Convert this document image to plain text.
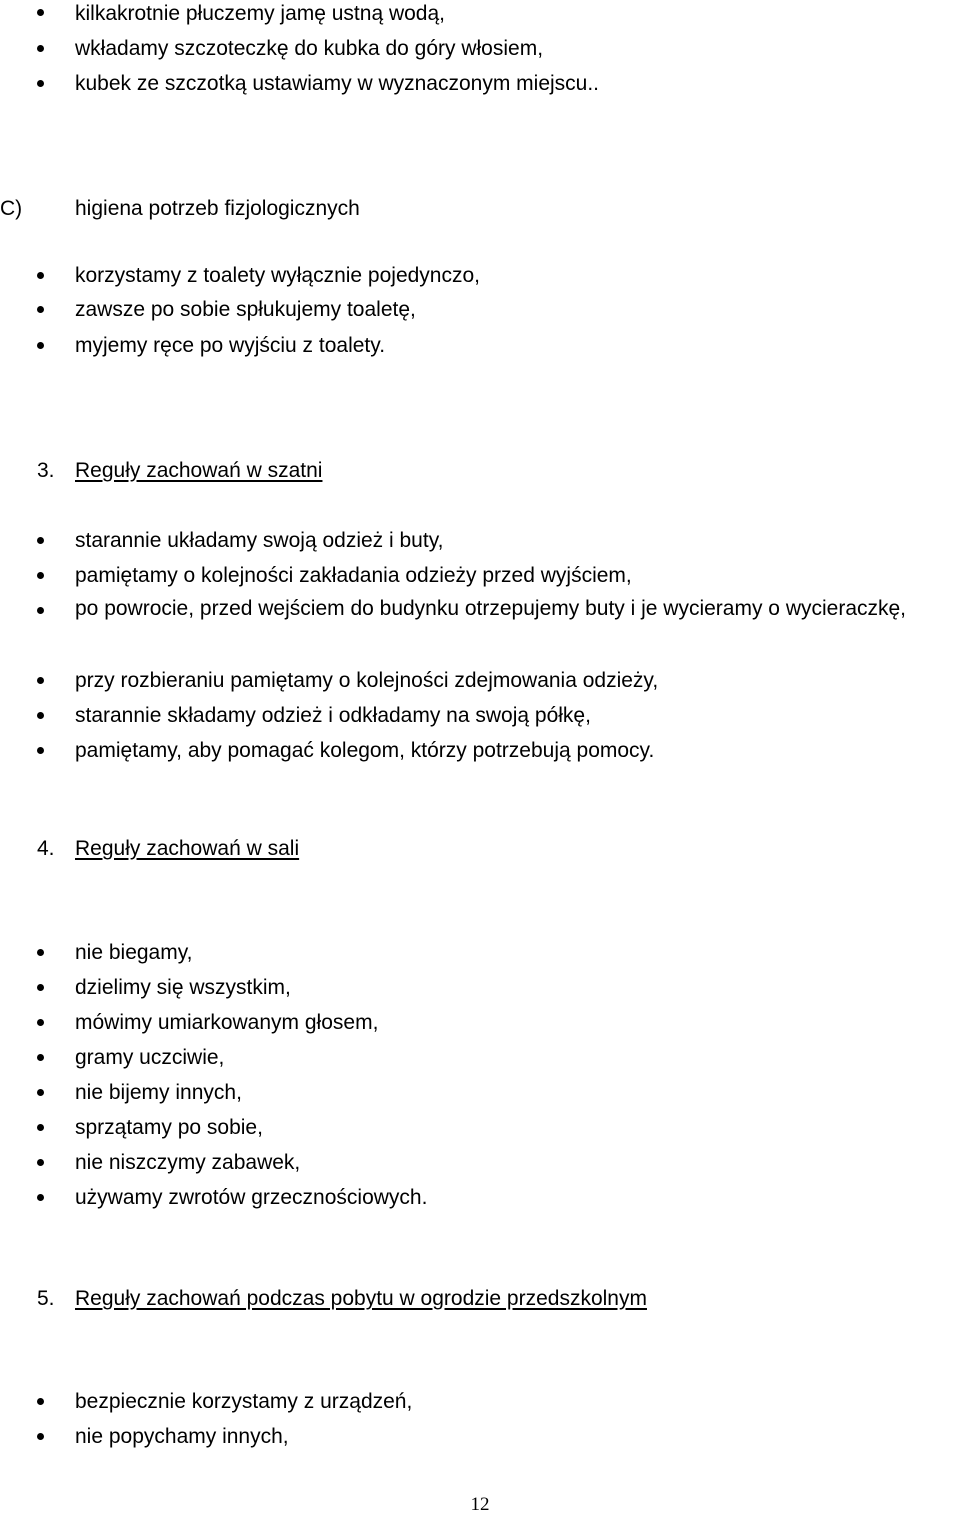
kilkakrotnie płuczemy jamę ustną wodą,
wkładamy szczoteczkę do kubka do góry włosiem,
kubek ze szczotką ustawiamy w wyznaczonym miejscu..
C)	higiena potrzeb fizjologicznych
korzystamy z toalety wyłącznie pojedynczo,
zawsze po sobie spłukujemy toaletę,
myjemy ręce po wyjściu z toalety.
3. Reguły zachowań w szatni
starannie układamy swoją odzież i buty,
pamiętamy o kolejności zakładania odzieży przed wyjściem,
po powrocie, przed wejściem do budynku otrzepujemy buty i je wycieramy o wycieraczkę,
przy rozbieraniu pamiętamy o kolejności zdejmowania odzieży,
starannie składamy odzież i odkładamy na swoją półkę,
pamiętamy, aby pomagać kolegom, którzy potrzebują pomocy.
4. Reguły zachowań w sali
nie biegamy,
dzielimy się wszystkim,
mówimy umiarkowanym głosem,
gramy uczciwie,
nie bijemy innych,
sprzątamy po sobie,
nie niszczymy zabawek,
używamy zwrotów grzecznościowych.
5. Reguły zachowań podczas pobytu w ogrodzie przedszkolnym
bezpiecznie korzystamy z urządzeń,
nie popychamy innych,
12
